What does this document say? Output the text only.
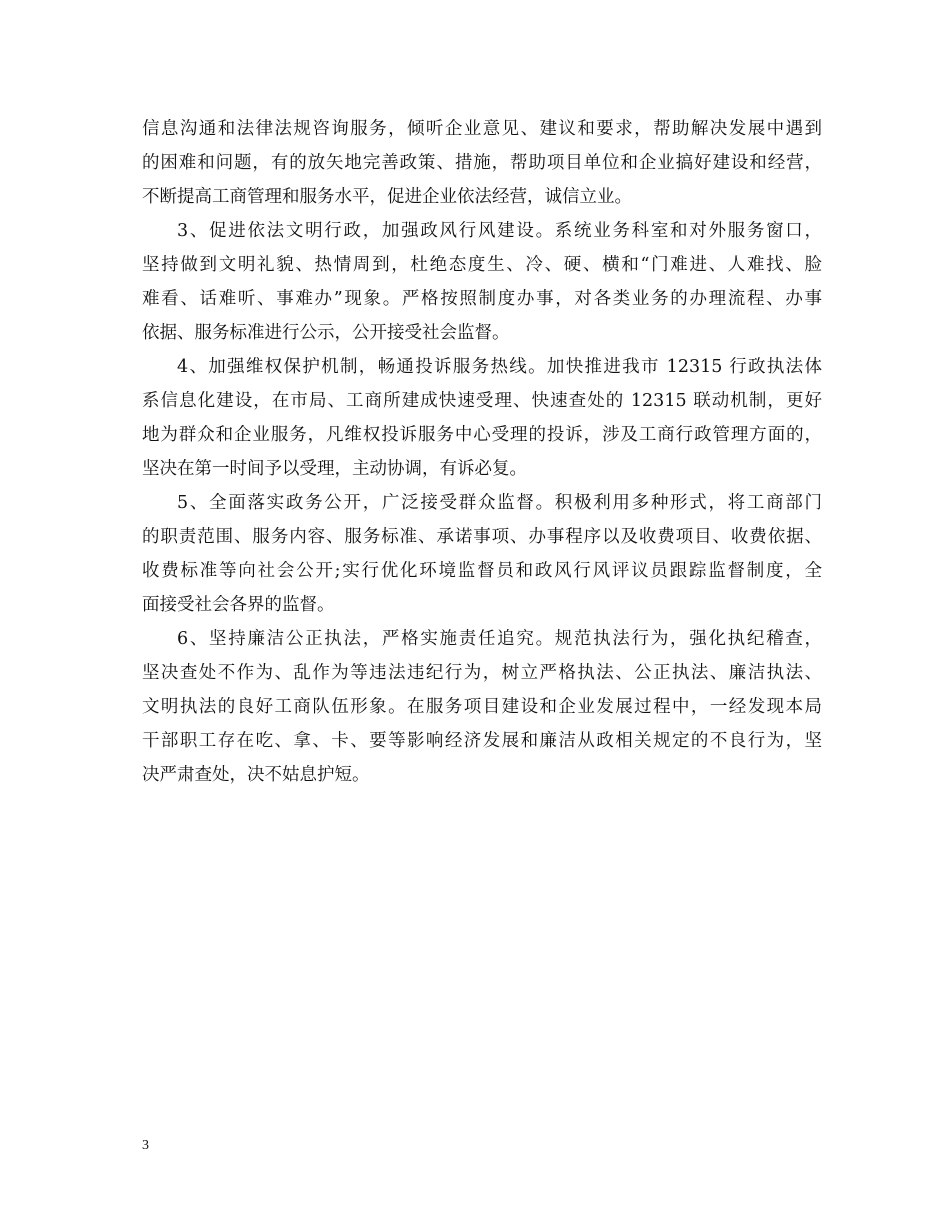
信息沟通和法律法规咨询服务，倾听企业意见、建议和要求，帮助解决发展中遇到
的困难和问题，有的放矢地完善政策、措施，帮助项目单位和企业搞好建设和经营，
不断提高工商管理和服务水平，促进企业依法经营，诚信立业。
3、促进依法文明行政，加强政风行风建设。系统业务科室和对外服务窗口，
坚持做到文明礼貌、热情周到，杜绝态度生、冷、硬、横和“门难进、人难找、脸
难看、话难听、事难办”现象。严格按照制度办事，对各类业务的办理流程、办事
依据、服务标准进行公示，公开接受社会监督。
4、加强维权保护机制，畅通投诉服务热线。加快推进我市 12315 行政执法体
系信息化建设，在市局、工商所建成快速受理、快速查处的 12315 联动机制，更好
地为群众和企业服务，凡维权投诉服务中心受理的投诉，涉及工商行政管理方面的，
坚决在第一时间予以受理，主动协调，有诉必复。
5、全面落实政务公开，广泛接受群众监督。积极利用多种形式，将工商部门
的职责范围、服务内容、服务标准、承诺事项、办事程序以及收费项目、收费依据、
收费标准等向社会公开;实行优化环境监督员和政风行风评议员跟踪监督制度，全
面接受社会各界的监督。
6、坚持廉洁公正执法，严格实施责任追究。规范执法行为，强化执纪稽查，
坚决查处不作为、乱作为等违法违纪行为，树立严格执法、公正执法、廉洁执法、
文明执法的良好工商队伍形象。在服务项目建设和企业发展过程中，一经发现本局
干部职工存在吃、拿、卡、要等影响经济发展和廉洁从政相关规定的不良行为，坚
决严肃查处，决不姑息护短。
3
